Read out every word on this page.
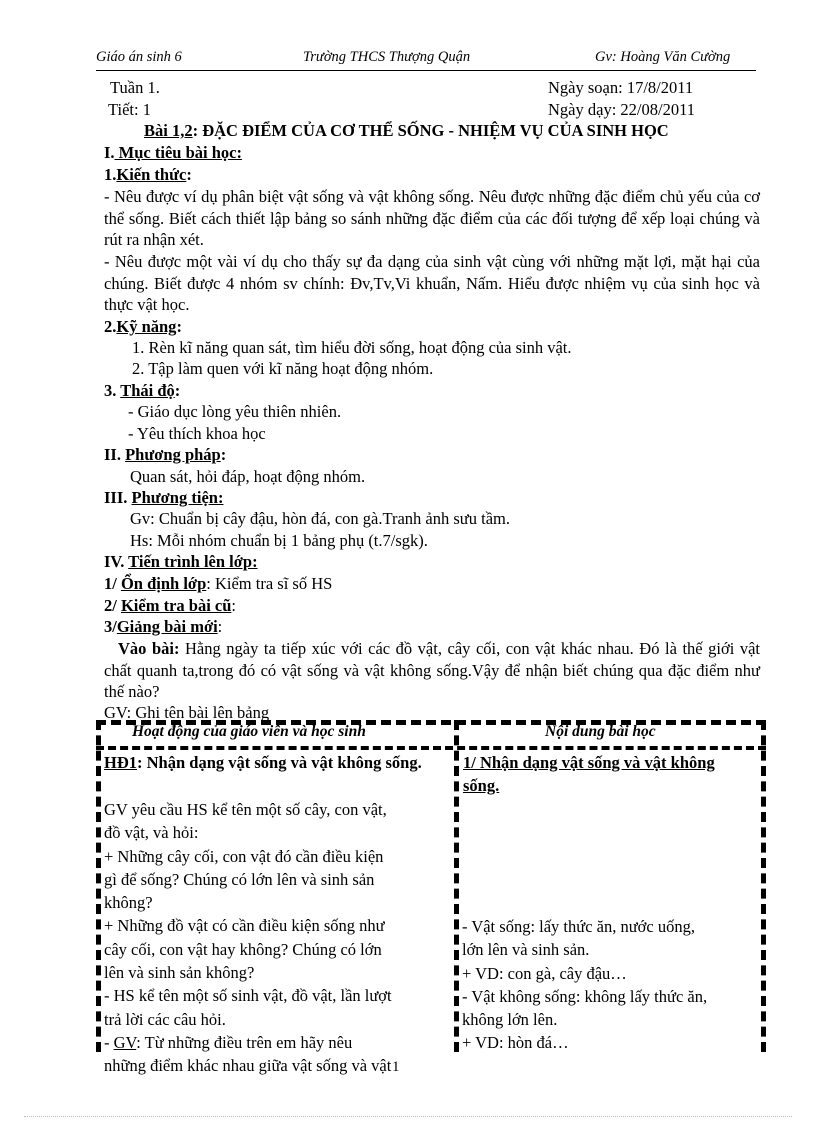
Giáo án sinh 6	Trường THCS Thượng Quận	Gv: Hoàng Văn Cường
Tuần 1.
Tiết: 1
Ngày soạn: 17/8/2011
Ngày dạy: 22/08/2011
Bài 1,2: ĐẶC ĐIỂM CỦA CƠ THỂ SỐNG - NHIỆM VỤ CỦA SINH HỌC
I. Mục tiêu bài học:
1.Kiến thức:
- Nêu được ví dụ phân biệt vật sống và vật không sống. Nêu được những đặc điểm chủ yếu của cơ thể sống. Biết cách thiết lập bảng so sánh những đặc điểm của các đối tượng để xếp loại chúng và rút ra nhận xét.
- Nêu được một vài ví dụ cho thấy sự đa dạng của sinh vật cùng với những mặt lợi, mặt hại của chúng. Biết được 4 nhóm sv chính: Đv,Tv,Vi khuẩn, Nấm. Hiểu được nhiệm vụ của sinh học và thực vật học.
2.Kỹ năng:
1. Rèn kĩ năng quan sát, tìm hiểu đời sống, hoạt động của sinh vật.
2. Tập làm quen với kĩ năng hoạt động nhóm.
3. Thái độ:
- Giáo dục lòng yêu thiên nhiên.
- Yêu thích khoa học
II. Phương pháp:
Quan sát, hỏi đáp, hoạt động nhóm.
III. Phương tiện:
Gv: Chuẩn bị cây đậu, hòn đá, con gà.Tranh ảnh sưu tầm.
Hs: Mỗi nhóm chuẩn bị 1 bảng phụ (t.7/sgk).
IV. Tiến trình lên lớp:
1/ Ổn định lớp: Kiểm tra sĩ số HS
2/ Kiểm tra bài cũ:
3/Giảng bài mới:
Vào bài: Hằng ngày ta tiếp xúc với các đồ vật, cây cối, con vật khác nhau. Đó là thế giới vật chất quanh ta,trong đó có vật sống và vật không sống.Vậy để nhận biết chúng qua đặc điểm như thế nào?
GV: Ghi tên bài lên bảng
Hoạt động của giáo viên và học sinh	Nội dung bài học
HĐ1: Nhận dạng vật sống và vật không sống.
GV yêu cầu HS kể tên một số cây, con vật,
đồ vật, và hỏi:
+ Những cây cối, con vật đó cần điều kiện
gì để sống? Chúng có lớn lên và sinh sản
không?
+ Những đồ vật có cần điều kiện sống như
cây cối, con vật hay không? Chúng có lớn
lên và sinh sản không?
- HS kể tên một số sinh vật, đồ vật, lần lượt
trả lời các câu hỏi.
- GV: Từ những điều trên em hãy nêu
những điểm khác nhau giữa vật sống và vật
1/ Nhận dạng vật sống và vật không
sống.
- Vật sống: lấy thức ăn, nước uống,
lớn lên và sinh sản.
+ VD: con gà, cây đậu…
- Vật không sống: không lấy thức ăn,
không lớn lên.
+ VD: hòn đá…
1
